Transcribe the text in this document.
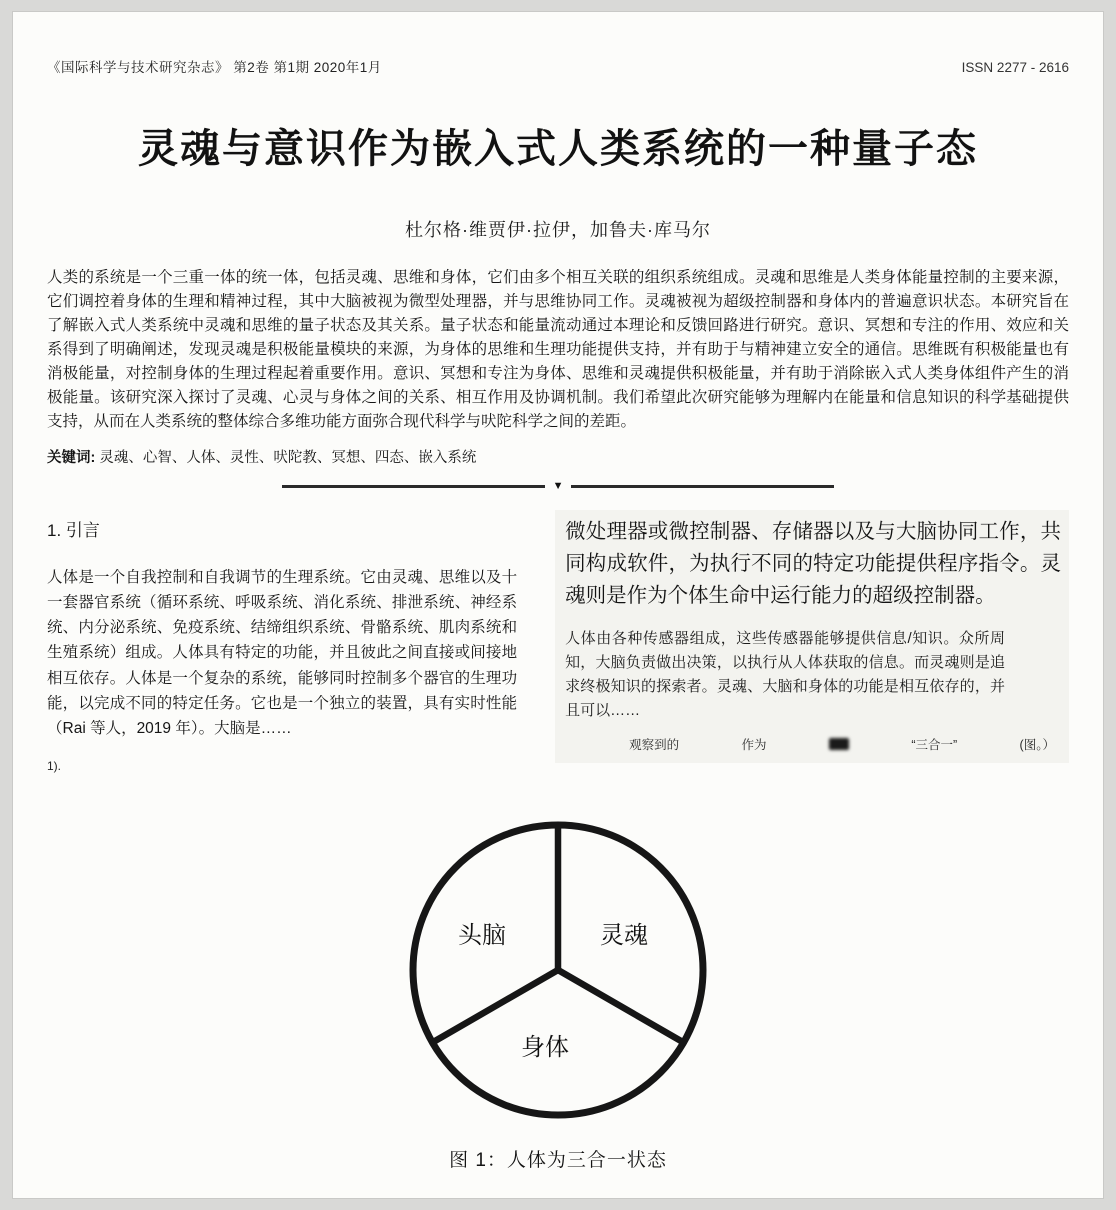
《国际科学与技术研究杂志》 第2卷 第1期 2020年1月	ISSN 2277 - 2616
灵魂与意识作为嵌入式人类系统的一种量子态
杜尔格·维贾伊·拉伊，加鲁夫·库马尔

人类的系统是一个三重一体的统一体，包括灵魂、思维和身体，它们由多个相互关联的组织系统组成。灵魂和思维是人类身体能量控制的主要来源，它们调控着身体的生理和精神过程，其中大脑被视为微型处理器，并与思维协同工作。灵魂被视为超级控制器和身体内的普遍意识状态。本研究旨在了解嵌入式人类系统中灵魂和思维的量子状态及其关系。量子状态和能量流动通过本理论和反馈回路进行研究。意识、冥想和专注的作用、效应和关系得到了明确阐述，发现灵魂是积极能量模块的来源，为身体的思维和生理功能提供支持，并有助于与精神建立安全的通信。思维既有积极能量也有消极能量，对控制身体的生理过程起着重要作用。意识、冥想和专注为身体、思维和灵魂提供积极能量，并有助于消除嵌入式人类身体组件产生的消极能量。该研究深入探讨了灵魂、心灵与身体之间的关系、相互作用及协调机制。我们希望此次研究能够为理解内在能量和信息知识的科学基础提供支持，从而在人类系统的整体综合多维功能方面弥合现代科学与吠陀科学之间的差距。

关键词: 灵魂、心智、人体、灵性、吠陀教、冥想、四态、嵌入系统

▼
1. 引言

人体是一个自我控制和自我调节的生理系统。它由灵魂、思维以及十一套器官系统（循环系统、呼吸系统、消化系统、排泄系统、神经系统、内分泌系统、免疫系统、结缔组织系统、骨骼系统、肌肉系统和生殖系统）组成。人体具有特定的功能，并且彼此之间直接或间接地相互依存。人体是一个复杂的系统，能够同时控制多个器官的生理功能，以完成不同的特定任务。它也是一个独立的装置，具有实时性能（Rai 等人，2019 年）。大脑是……

1).

微处理器或微控制器、存储器以及与大脑协同工作，共同构成软件，为执行不同的特定功能提供程序指令。灵魂则是作为个体生命中运行能力的超级控制器。

人体由各种传感器组成，这些传感器能够提供信息/知识。众所周知，大脑负责做出决策，以执行从人体获取的信息。而灵魂则是追求终极知识的探索者。灵魂、大脑和身体的功能是相互依存的，并且可以……

观察到的	作为	“三合一”	(图。）
头脑	灵魂
身体
图 1：人体为三合一状态
